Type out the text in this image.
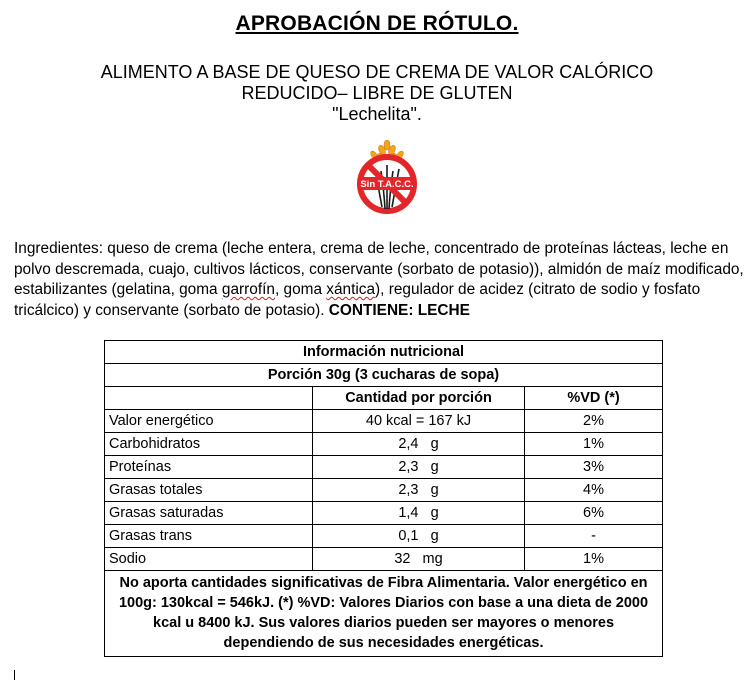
APROBACIÓN DE RÓTULO.
ALIMENTO A BASE DE QUESO DE CREMA DE VALOR CALÓRICO
REDUCIDO– LIBRE DE GLUTEN
"Lechelita".
Sin T.A.C.C.
Ingredientes: queso de crema (leche entera, crema de leche, concentrado de proteínas lácteas, leche en polvo descremada, cuajo, cultivos lácticos, conservante (sorbato de potasio)), almidón de maíz modificado, estabilizantes (gelatina, goma garrofín, goma xántica), regulador de acidez (citrato de sodio y fosfato tricálcico) y conservante (sorbato de potasio). CONTIENE: LECHE
Información nutricional		
Porción 30g (3 cucharas de sopa)		
	Cantidad por porción	%VD (*)
Valor energético	40 kcal = 167 kJ	2%
Carbohidratos	2,4   g	1%
Proteínas	2,3   g	3%
Grasas totales	2,3   g	4%
Grasas saturadas	1,4   g	6%
Grasas trans	0,1   g	-
Sodio	32   mg	1%
No aporta cantidades significativas de Fibra Alimentaria. Valor energético en 100g: 130kcal = 546kJ. (*) %VD: Valores Diarios con base a una dieta de 2000 kcal u 8400 kJ. Sus valores diarios pueden ser mayores o menores dependiendo de sus necesidades energéticas.		
